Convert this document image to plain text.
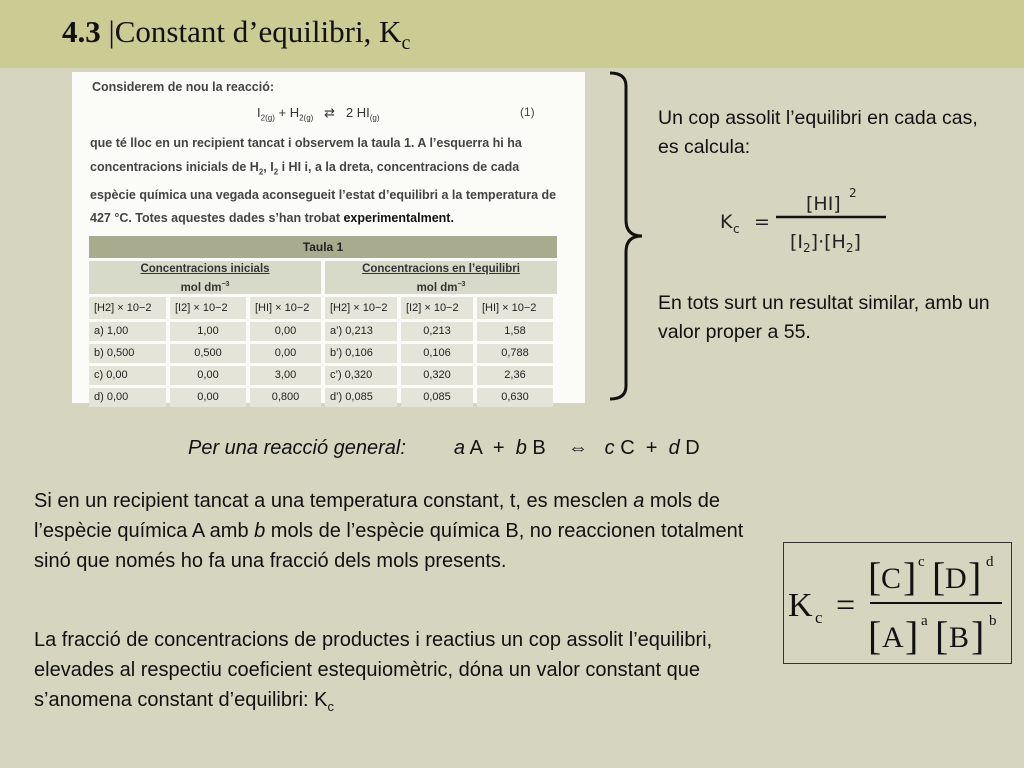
4.3 |Constant d’equilibri, $K_c$
Considerem de nou la reacció:
$I_{2(g)} + H_{2(g)}$ ⇄ 2 $HI_{(g)}$	(1)
que té lloc en un recipient tancat i observem la taula 1. A l’esquerra hi ha concentracions inicials de $H_2$, $I_2$ i HI i, a la dreta, concentracions de cada espècie química una vegada aconsegueit l’estat d’equilibri a la temperatura de 427 °C. Totes aquestes dades s’han trobat experimentalment.
Taula 1
Concentracions inicials
mol $dm^{-3}$
Concentracions en l’equilibri
mol $dm^{-3}$
[H2] × 10−2	[I2] × 10−2	[HI] × 10−2	[H2] × 10−2	[I2] × 10−2	[HI] × 10−2
a) 1,00	1,00	0,00	a’) 0,213	0,213	1,58
b) 0,500	0,500	0,00	b’) 0,106	0,106	0,788
c) 0,00	0,00	3,00	c’) 0,320	0,320	2,36
d) 0,00	0,00	0,800	d’) 0,085	0,085	0,630
Un cop assolit l’equilibri en cada cas, es calcula:
K c =
[HI] 2
$[I_2]\cdot[H_2]$
En tots surt un resultat similar, amb un valor proper a 55.
Per una reacció general: a A + b B ⇔ c C + d D
Si en un recipient tancat a una temperatura constant, t, es mesclen a mols de l’espècie química A amb b mols de l’espècie química B, no reaccionen totalment sinó que només ho fa una fracció dels mols presents.
La fracció de concentracions de productes i reactius un cop assolit l’equilibri, elevades al respectiu coeficient estequiomètric, dóna un valor constant que s’anomena constant d’equilibri: $K_c$
K c =
[ C ] c [ D ] d
[ A ] a [ B ] b
